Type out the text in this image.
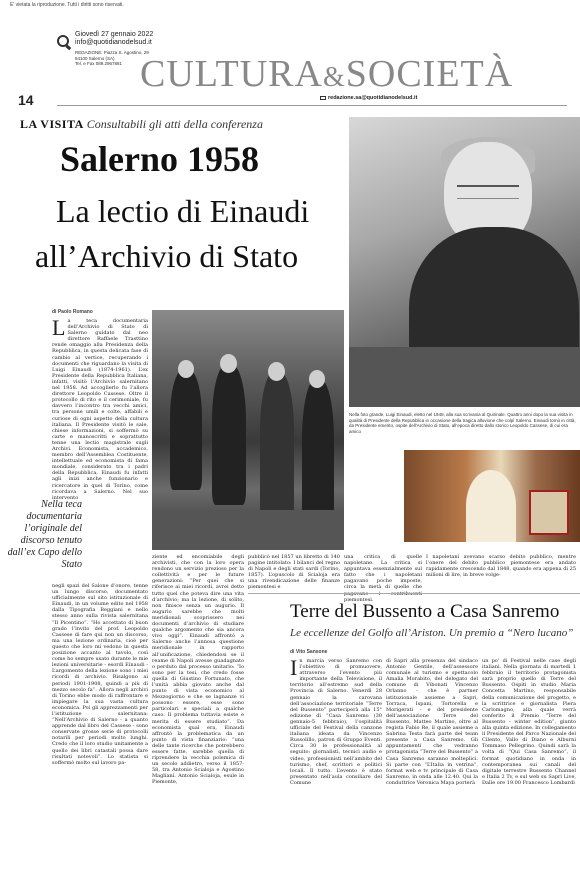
E' vietata la riproduzione. Tutti i diritti sono riservati.
Giovedì 27 gennaio 2022
info@quotidianodelsud.it
REDAZIONE: Piazza S. Agostino, 29
84100 Salerno (SA)
Tel. e Fax 089.2967881
14
CULTURA&SOCIETÀ
redazione.sa@quotidianodelsud.it
LA VISITA Consultabili gli atti della conferenza
Salerno 1958
La lectio di Einaudi
all’Archivio di Stato
Nella foto grande, Luigi Einaudi, eletto nel 1948, alla sua scrivania al Quirinale. Quattro anni dopo la sua visita in qualità di Presidente della Repubblica in occasione della tragica alluvione che colpì Salerno. Einaudi tornò in città, da Presidente emerito, ospite dell’Archivio di Stato, all’epoca diretto dallo storico Leopoldo Cassese, di cui era amico
di Paolo Romano
La teca documentaria dell’Archivio di Stato di Salerno guidato dal neo direttore Raffaele Trasttino rende omaggio alla Presidenza della Repubblica, in questa delicata fase di cambio al vertice, recuperando i documenti che riguardano la visita di Luigi Einaudi (1874-1961). L’ex Presidente della Repubblica Italiana, infatti, visitò l’Archivio salernitano nel 1958. Ad accoglierlo fu l’allora direttore Leopoldo Cassese. Oltre il protocollo di rito e il cerimoniale, fu davvero l’incontro tra vecchi amici, tra persone umili e colte, affabili e curiose di ogni aspetto della cultura italiana. Il Presidente visitò le sale, chiese informazioni, si soffermò su carte e manoscritti e soprattutto tenne una lectio magistrale sugli Archivi. Economista, accademico, membro dell’Assemblea Costituente, intellettuale ed economista di fama mondiale, considerato tra i padri della Repubblica, Einaudi fu infatti agli inizi anche funzionario e ricercatore in quel di Torino, come ricordava a Salerno. Nel suo intervento
Nella teca documentaria l’originale del discorso tenuto dall’ex Capo dello Stato
negli spazi del Salone d’onore, tenne un lungo discorso, documentato ufficialmente sul sito istituzionale di Einaudi, in un volume edito nel 1958 dalla Tipografia Beggiani e nello stesso anno sulla rivista salernitana “Il Picentino”. “Ho accettato di buon grado l’invito del prof. Leopoldo Cassese di fare qui non un discorso, ma una lezione ordinaria, cioè per questo che loro mi vedono in questa posizione accanto al tavolo, così come ho sempre usato durante le mie lezioni universitarie - esordì Einaudi - L’argomento della lezione sono i miei ricordi di archivio. Risalgono ai periodi 1901-1908, quindi a più di mezzo secolo fa”. Allora negli archivi di Torino ebbe modo di raffrontare e impiegare la sua vasta cultura economica. Poi gli apprezzamenti per l’istituzione salernitana: “Nell’Archivio di Salerno - a quanto apprende dal libro del Cassese - sono conservate grosse serie di protocolli notarili per periodi molto lunghi. Credo che il loro studio unitamente a quello dei libri catastali possa dare risultati notevoli”. Lo statista si soffermò molto sul lavoro pa-
ziente ed encomiabile degli archivisti, che con la loro opera rendono un servizio prezioso per la collettività e per le future generazioni: “Per quei che si riferisce ai miei ricordi, avrei detto tutto quel che poteva dire una vita d’archivio; ma la lezione, di solito, non finisce senza un augurio. Il augurio sarebbe che molti meridionali scoprissero nei documenti d’archivio di studiare qualche argomento che sia ancora vivo oggi”. Einaudi affrontò a Salerno anche l’annosa questione meridionale in rapporto all’unificazione, chiedendosi se il reame di Napoli avesse guadagnato o perduto dal processo unitario: “Io sono per la tesi, che credo fosse quella di Giustino Fortunato, che l’unità abbia giovato anche dal punto di vista economico al Mezzogiorno e che se lagnanze vi possono essere, esse sono particolari e speciali a qualche caso. Il problema tuttavia esiste e merita di essere studiato”. Da economista qual era, Einaudi affrontò la problematica da un punto di vista finanziario: “una delle tante ricerche che potrebbero essere fatte, sarebbe quella di riprendere la vecchia polemica di un secolo addietro, verso il 1857-58, tra Antonio Scialoja e Agostino Magliani. Antonio Scialoja, esule in Piemonte,
pubblicò nel 1857 un libretto di 140 pagine intitolato: I bilanci del regno di Napoli e degli stati sardi (Torino, 1857). L’opuscolo di Scialoja era una rivendicazione delle finanze piemontesi e
una critica di quelle napoletane. La critica si appuntava essenzialmente sul fatto che i napoletani pagavano poche imposte, circa la metà di quelle che piemontesi.
I napoletani avevano scarso debito pubblico, mentre l’onere del debito pubblico piemontese era andato rapidamente crescendo dal 1848, quando era appena di 25 milioni di lire, in breve volge-
Terre del Bussento a Casa Sanremo
Le eccellenze del Golfo all’Ariston. Un premio a “Nero lucano”
di Vito Sansone
In marcia verso Sanremo con l’obiettivo di promuovere, attraverso l’evento più importante della Televisione, il territorio all’estremo sud della Provincia di Salerno. Venerdì 28 gennaio la carovana dell’associazione territoriale “Terre del Bussento” parteciperà alla 15° edizione di “Casa Sanremo (30 gennaio-5 febbraio), l’ospitalità ufficiale del Festival della canzone italiana ideata da Vincenzo Russolillo, patron di Gruppo Eventi. Circa 30 le professionalità al seguito: giornalisti, tecnici audio e video, professionisti nell’ambito del turismo, chef, scrittori e politici locali. Il tutto. L’evento è stato presentato nell’aula consiliare del Comune
di Sapri alla presenza del sindaco Antonio Gentile, dell’assessore comunale al turismo e spettacolo Amalia Morabito, del delegato del comune di Vibonati Vincenzo Orlanno - che è partner istituzionale assieme a Sapri, Torraca, Ispani, Tortorella e Morigerati - e del presidente dell’associazione Terre del Bussento, Matteo Martino, oltre al regista Fabio Re, il quale assieme a Sabrina Testa farà parte del team presente a Casa Sanremo. Gli appuntamenti che vedranno protagonista “Terre del Bussento” a Casa Sanremo saranno molteplici. Si parte con “L’Italia in vetrina”, format web e tv principale di Casa Sanremo, in onda alle 12.40. Qui la conduttrice Veronica Maya porterà
un po’ di Festival nelle case degli italiani. Nella giornata di martedì 1 febbraio il territorio protagonista sarà proprio quello di Terre del Bussento. Ospiti in studio Maria Concetta Martino, responsabile della comunicazione del progetto, e la scrittrice e giornalista Piera Carlomagno, alla quale verrà conferito il Premio “Terre del Bussento - winter edition”, giunto alla quinta edizione. In collegamento il Presidente del Parco Nazionale del Cilento, Vallo di Diano e Alburni Tommaso Pellegrino. Quindi sarà la volta di “Qui Casa Sanremo”, il format quotidiano in onda in contemporanea sui canali del digitale terrestre Bussento Channel e Italia 2 Tv, e sul web su Sapri Live, Dalle ore 19.00 Francesco Lombardi
